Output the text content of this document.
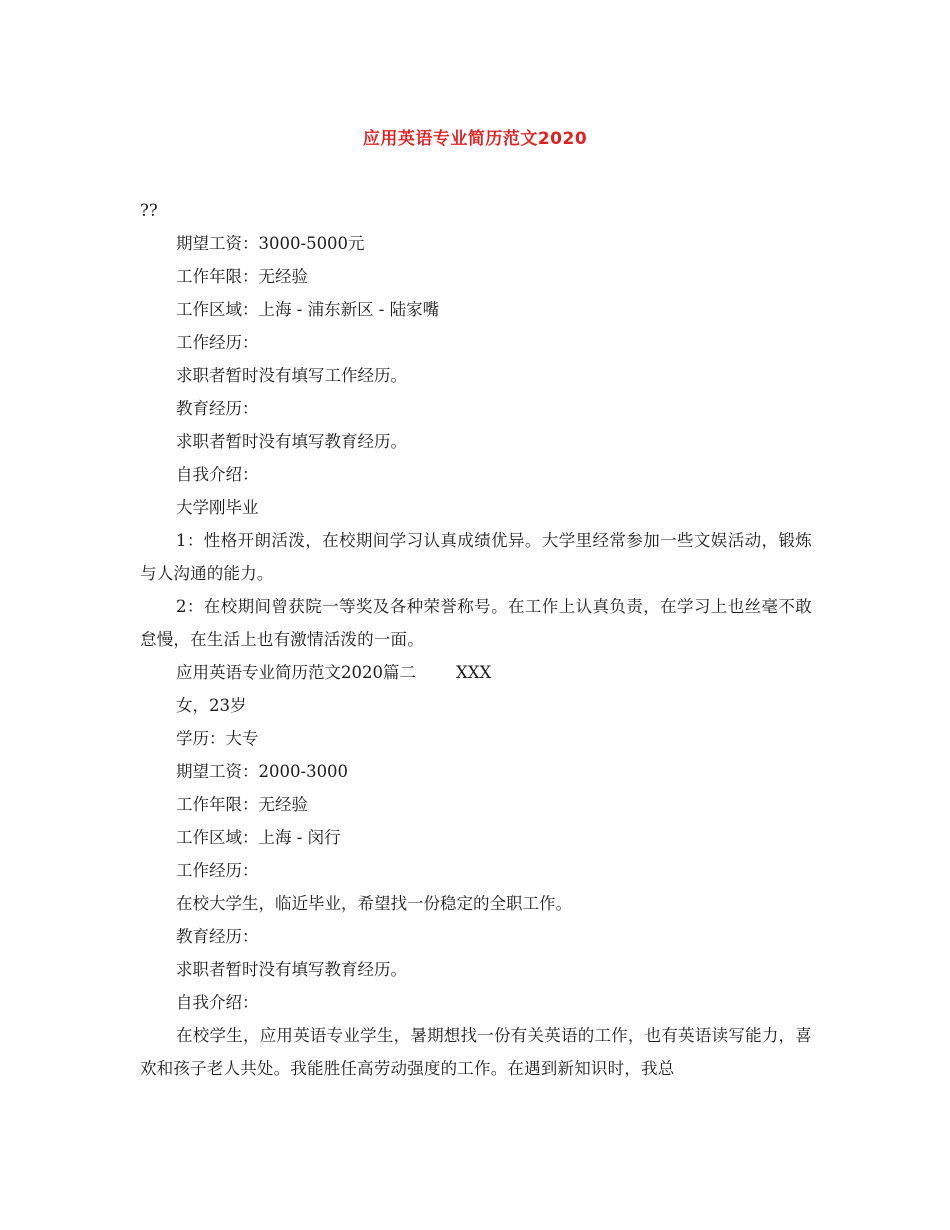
应用英语专业简历范文2020
??
期望工资：3000-5000元
工作年限：无经验
工作区域：上海 - 浦东新区 - 陆家嘴
工作经历：
求职者暂时没有填写工作经历。
教育经历：
求职者暂时没有填写教育经历。
自我介绍：
大学刚毕业
1：性格开朗活泼，在校期间学习认真成绩优异。大学里经常参加一些文娱活动，锻炼与人沟通的能力。
2：在校期间曾获院一等奖及各种荣誉称号。在工作上认真负责，在学习上也丝毫不敢怠慢，在生活上也有激情活泼的一面。
应用英语专业简历范文2020篇二 XXX
女，23岁
学历：大专
期望工资：2000-3000
工作年限：无经验
工作区域：上海 - 闵行
工作经历：
在校大学生，临近毕业，希望找一份稳定的全职工作。
教育经历：
求职者暂时没有填写教育经历。
自我介绍：
在校学生，应用英语专业学生，暑期想找一份有关英语的工作，也有英语读写能力，喜欢和孩子老人共处。我能胜任高劳动强度的工作。在遇到新知识时，我总
